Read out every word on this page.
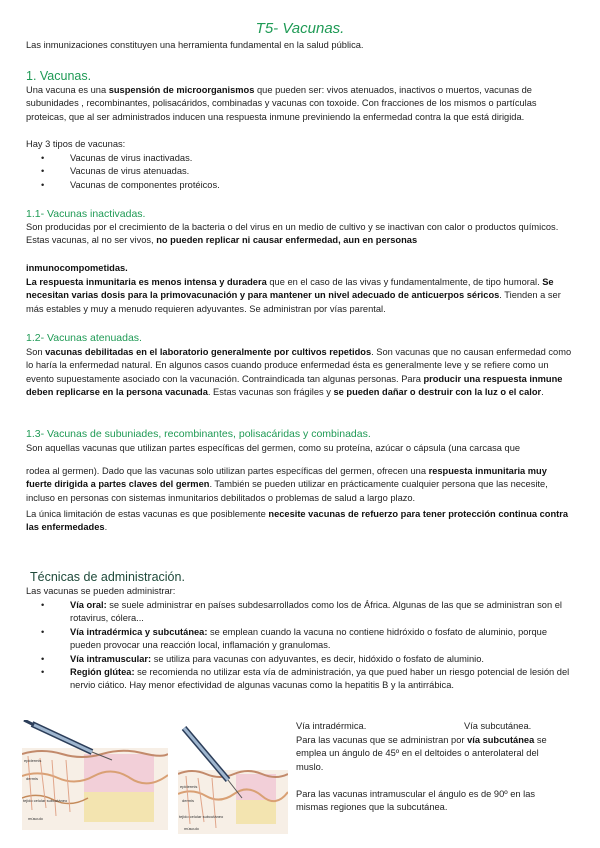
T5- Vacunas.

Las inmunizaciones constituyen una herramienta fundamental en la salud pública.

1. Vacunas.

Una vacuna es una suspensión de microorganismos que pueden ser: vivos atenuados, inactivos o muertos, vacunas de subunidades , recombinantes, polisacáridos, combinadas y vacunas con toxoide. Con fracciones de los mismos o partículas proteicas, que al ser administrados inducen una respuesta inmune previniendo la enfermedad contra la que está dirigida.

Hay 3 tipos de vacunas:

• Vacunas de virus inactivadas.
• Vacunas de virus atenuadas.
• Vacunas de componentes protéicos.
1.1- Vacunas inactivadas.

Son producidas por el crecimiento de la bacteria o del virus en un medio de cultivo y se inactivan con calor o productos químicos. Estas vacunas, al no ser vivos, no pueden replicar ni causar enfermedad, aun en personas

inmunocompometidas.

La respuesta inmunitaria es menos intensa y duradera que en el caso de las vivas y fundamentalmente, de tipo humoral. Se necesitan varias dosis para la primovacunación y para mantener un nivel adecuado de anticuerpos séricos. Tienden a ser más estables y muy a menudo requieren adyuvantes. Se administran por vías parental.

1.2- Vacunas atenuadas.

Son vacunas debilitadas en el laboratorio generalmente por cultivos repetidos. Son vacunas que no causan enfermedad como lo haría la enfermedad natural. En algunos casos cuando produce enfermedad ésta es generalmente leve y se refiere como un evento supuestamente asociado con la vacunación. Contraindicada tan algunas personas. Para producir una respuesta inmune deben replicarse en la persona vacunada. Estas vacunas son frágiles y se pueden dañar o destruir con la luz o el calor.

1.3- Vacunas de subuniades, recombinantes, polisacáridas y combinadas.

Son aquellas vacunas que utilizan partes específicas del germen, como su proteína, azúcar o cápsula (una carcasa que

rodea al germen). Dado que las vacunas solo utilizan partes específicas del germen, ofrecen una respuesta inmunitaria muy fuerte dirigida a partes claves del germen. También se pueden utilizar en prácticamente cualquier persona que las necesite, incluso en personas con sistemas inmunitarios debilitados o problemas de salud a largo plazo.

La única limitación de estas vacunas es que posiblemente necesite vacunas de refuerzo para tener protección continua contra las enfermedades.

Técnicas de administración.

Las vacunas se pueden administrar:

• Vía oral: se suele administrar en países subdesarrollados como los de África. Algunas de las que se administran son el rotavirus, cólera...
• Vía intradérmica y subcutánea: se emplean cuando la vacuna no contiene hidróxido o fosfato de aluminio, porque pueden provocar una reacción local, inflamación y granulomas.
• Vía intramuscular: se utiliza para vacunas con adyuvantes, es decir, hidóxido o fosfato de aluminio.
• Región glútea: se recomienda no utilizar esta vía de administración, ya que pued haber un riesgo potencial de lesión del nervio ciático. Hay menor efectividad de algunas vacunas como la hepatitis B y la antirrábica.
epidermis
dermis
tejido celular subcutáneo
músculo
epidermis
dermis
tejido celular subcutáneo
músculo
Vía intradérmica.	Vía subcutánea.

Para las vacunas que se administran por vía subcutánea se emplea un ángulo de 45º en el deltoides o anterolateral del muslo.

Para las vacunas intramuscular el ángulo es de 90º en las mismas regiones que la subcutánea.
